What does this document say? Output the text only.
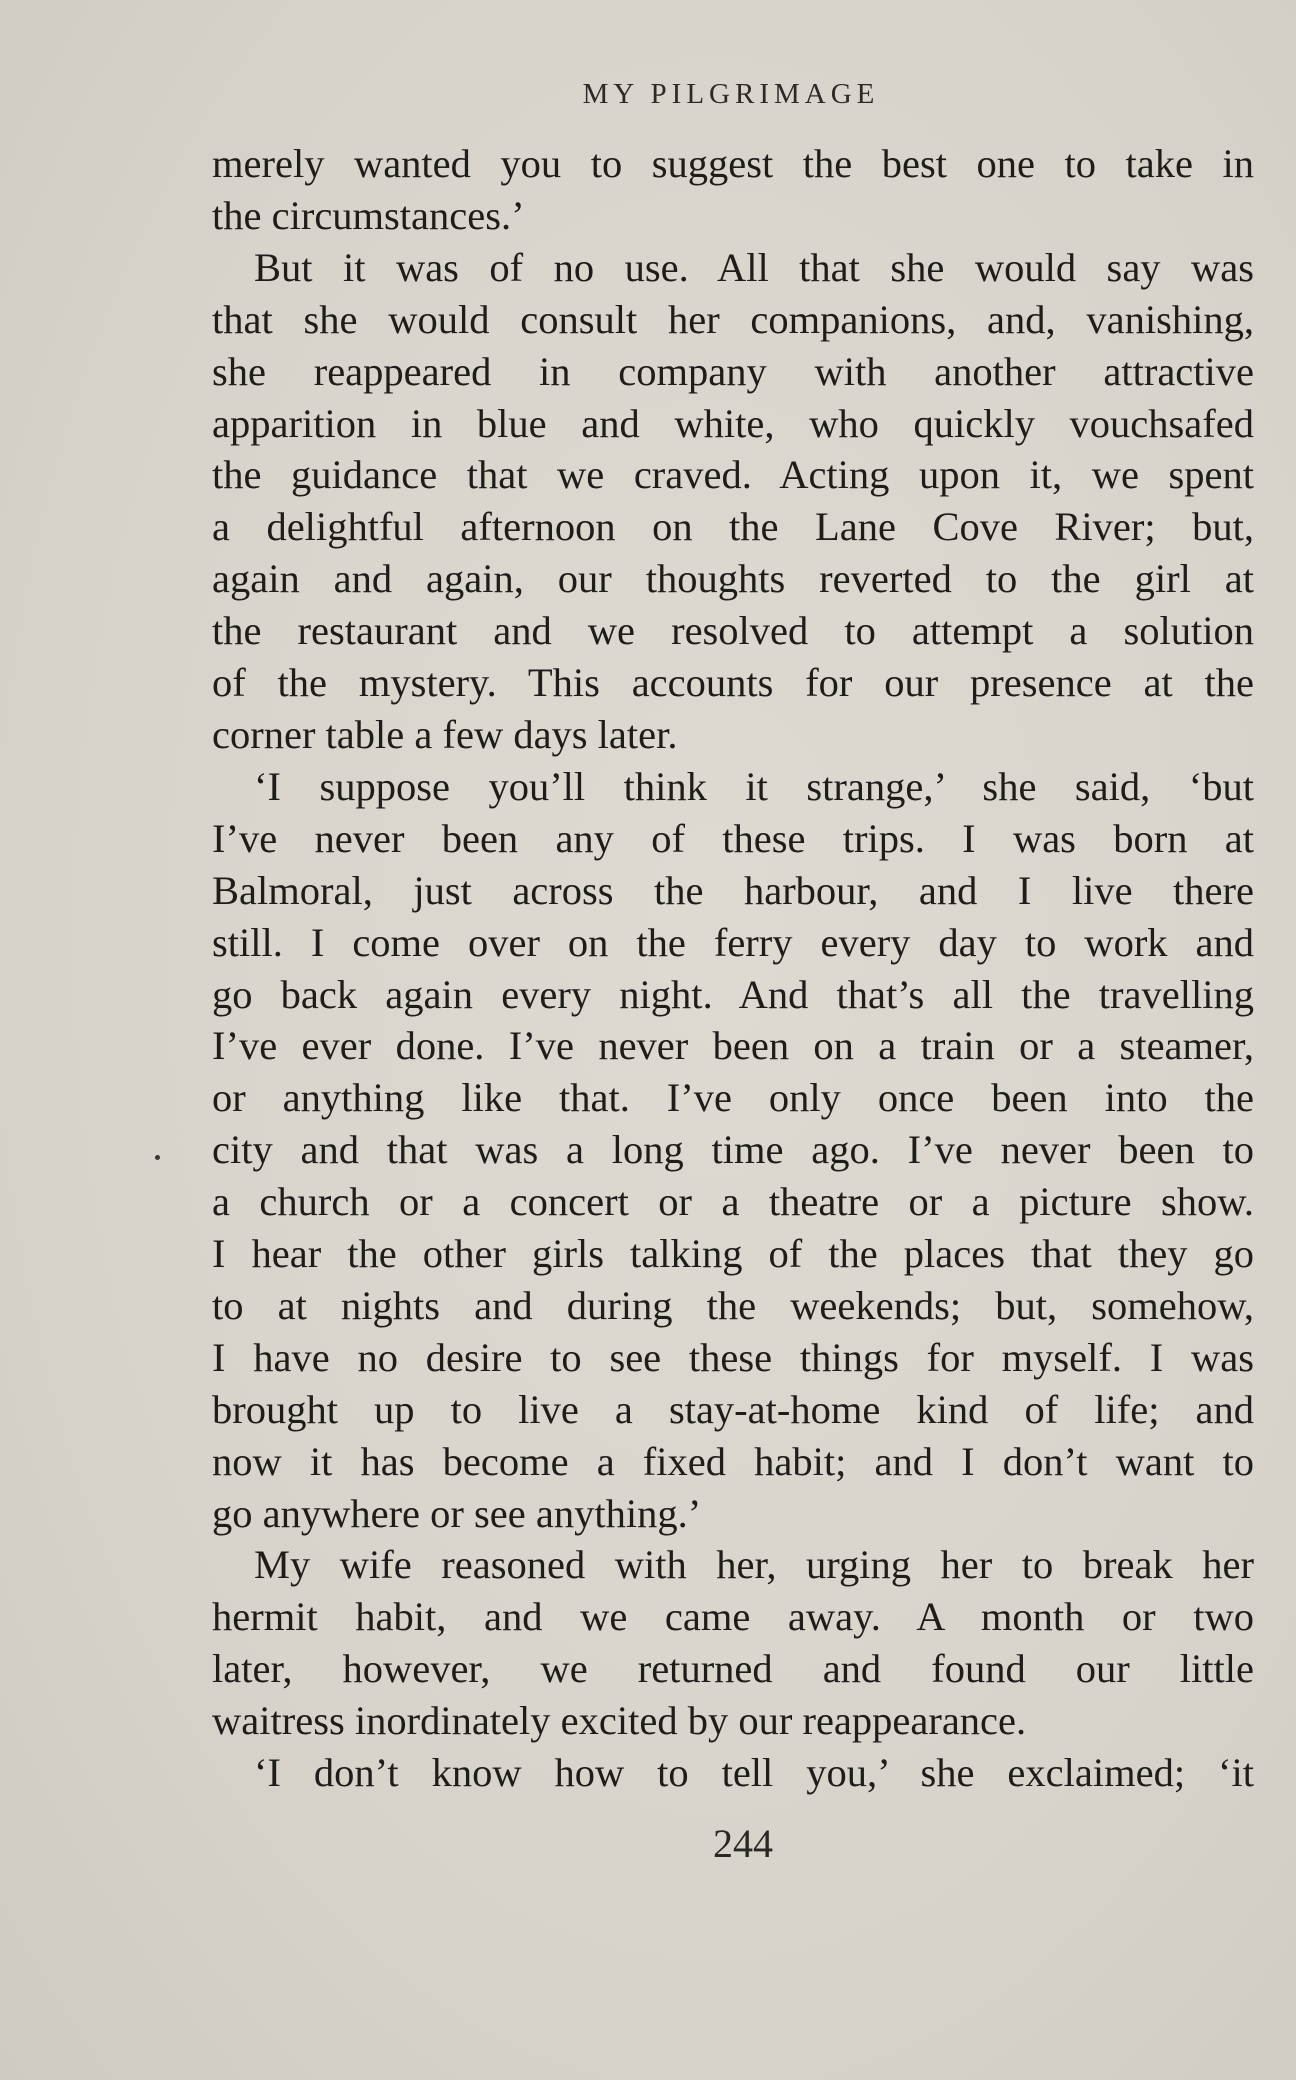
MY PILGRIMAGE
merely wanted you to suggest the best one to take in
the circumstances.’
But it was of no use. All that she would say was
that she would consult her companions, and, vanishing,
she reappeared in company with another attractive
apparition in blue and white, who quickly vouchsafed
the guidance that we craved. Acting upon it, we spent
a delightful afternoon on the Lane Cove River; but,
again and again, our thoughts reverted to the girl at
the restaurant and we resolved to attempt a solution
of the mystery. This accounts for our presence at the
corner table a few days later.
‘I suppose you’ll think it strange,’ she said, ‘but
I’ve never been any of these trips. I was born at
Balmoral, just across the harbour, and I live there
still. I come over on the ferry every day to work and
go back again every night. And that’s all the travelling
I’ve ever done. I’ve never been on a train or a steamer,
or anything like that. I’ve only once been into the
city and that was a long time ago. I’ve never been to
a church or a concert or a theatre or a picture show.
I hear the other girls talking of the places that they go
to at nights and during the weekends; but, somehow,
I have no desire to see these things for myself. I was
brought up to live a stay-at-home kind of life; and
now it has become a fixed habit; and I don’t want to
go anywhere or see anything.’
My wife reasoned with her, urging her to break her
hermit habit, and we came away. A month or two
later, however, we returned and found our little
waitress inordinately excited by our reappearance.
‘I don’t know how to tell you,’ she exclaimed; ‘it
244
